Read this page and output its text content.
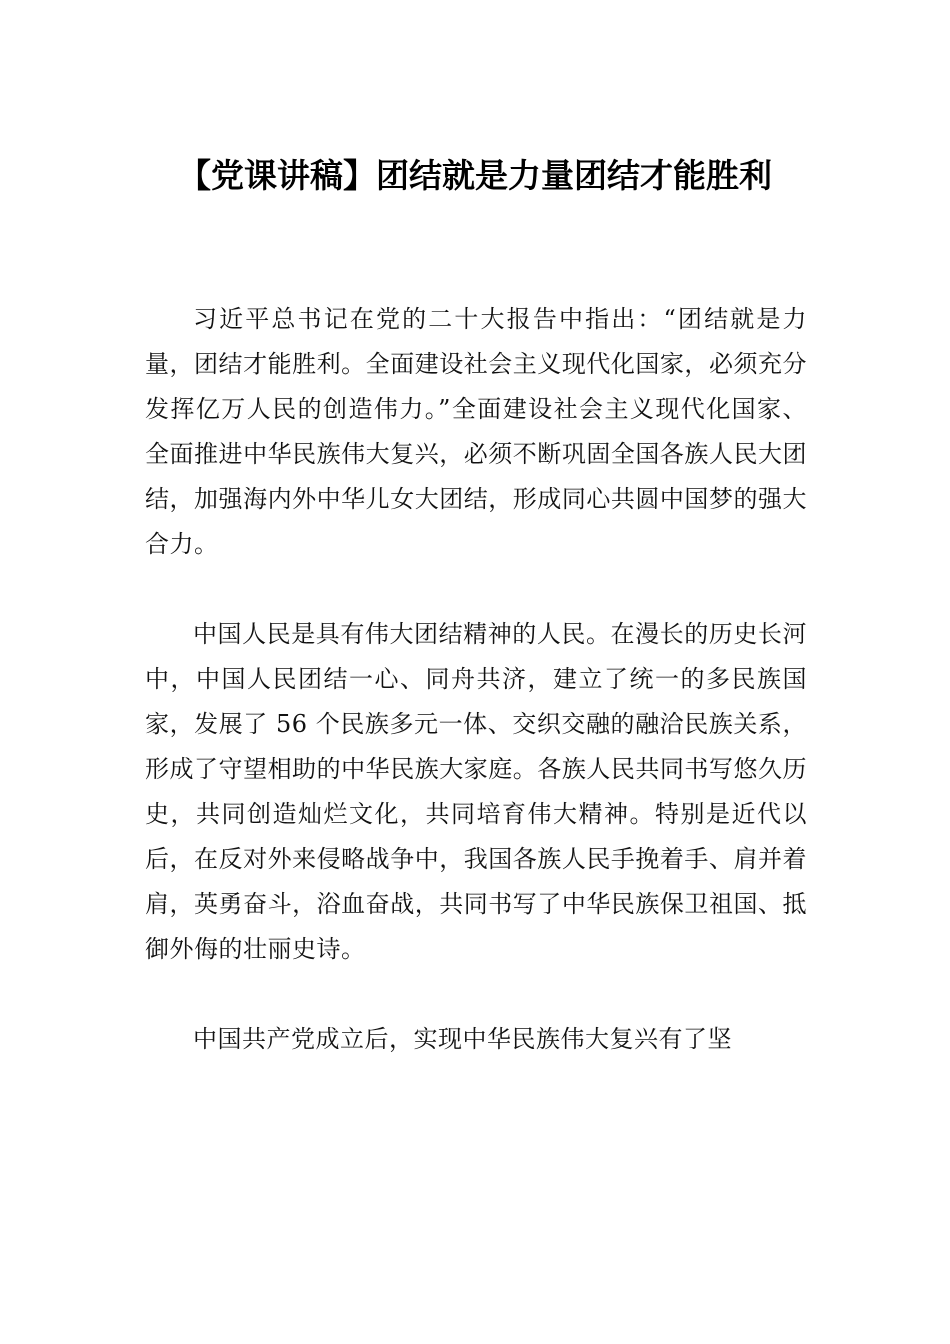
【党课讲稿】团结就是力量团结才能胜利

习近平总书记在党的二十大报告中指出：“团结就是力量，团结才能胜利。全面建设社会主义现代化国家，必须充分发挥亿万人民的创造伟力。”全面建设社会主义现代化国家、全面推进中华民族伟大复兴，必须不断巩固全国各族人民大团结，加强海内外中华儿女大团结，形成同心共圆中国梦的强大合力。

中国人民是具有伟大团结精神的人民。在漫长的历史长河中，中国人民团结一心、同舟共济，建立了统一的多民族国家，发展了 56 个民族多元一体、交织交融的融洽民族关系，形成了守望相助的中华民族大家庭。各族人民共同书写悠久历史，共同创造灿烂文化，共同培育伟大精神。特别是近代以后，在反对外来侵略战争中，我国各族人民手挽着手、肩并着肩，英勇奋斗，浴血奋战，共同书写了中华民族保卫祖国、抵御外侮的壮丽史诗。

中国共产党成立后，实现中华民族伟大复兴有了坚
